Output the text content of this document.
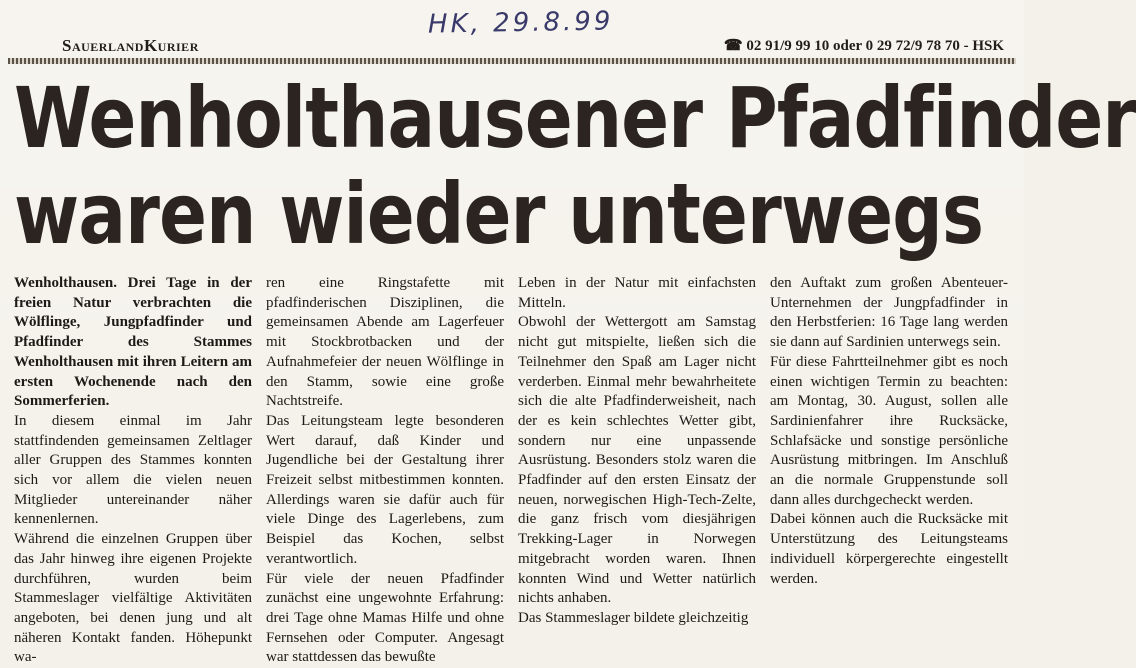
HK, 29.8.99
SauerlandKurier	☎ 02 91/9 99 10 oder 0 29 72/9 78 70 - HSK
Wenholthausener Pfadfinder
waren wieder unterwegs

Wenholthausen. Drei Tage in der freien Natur verbrachten die Wölflinge, Jungpfadfinder und Pfadfinder des Stammes Wenholthausen mit ihren Leitern am ersten Wochenende nach den Sommerferien.

In diesem einmal im Jahr stattfindenden gemeinsamen Zeltlager aller Gruppen des Stammes konnten sich vor allem die vielen neuen Mitglieder untereinander näher kennenlernen.

Während die einzelnen Gruppen über das Jahr hinweg ihre eigenen Projekte durchführen, wurden beim Stammeslager vielfältige Aktivitäten angeboten, bei denen jung und alt näheren Kontakt fanden. Höhepunkt wa-

ren eine Ringstafette mit pfadfinderischen Disziplinen, die gemeinsamen Abende am Lagerfeuer mit Stockbrotbacken und der Aufnahmefeier der neuen Wölflinge in den Stamm, sowie eine große Nachtstreife.

Das Leitungsteam legte besonderen Wert darauf, daß Kinder und Jugendliche bei der Gestaltung ihrer Freizeit selbst mitbestimmen konnten. Allerdings waren sie dafür auch für viele Dinge des Lagerlebens, zum Beispiel das Kochen, selbst verantwortlich.

Für viele der neuen Pfadfinder zunächst eine ungewohnte Erfahrung: drei Tage ohne Mamas Hilfe und ohne Fernsehen oder Computer. Angesagt war stattdessen das bewußte

Leben in der Natur mit einfachsten Mitteln.

Obwohl der Wettergott am Samstag nicht gut mitspielte, ließen sich die Teilnehmer den Spaß am Lager nicht verderben. Einmal mehr bewahrheitete sich die alte Pfadfinderweisheit, nach der es kein schlechtes Wetter gibt, sondern nur eine unpassende Ausrüstung. Besonders stolz waren die Pfadfinder auf den ersten Einsatz der neuen, norwegischen High-Tech-Zelte, die ganz frisch vom diesjährigen Trekking-Lager in Norwegen mitgebracht worden waren. Ihnen konnten Wind und Wetter natürlich nichts anhaben.

Das Stammeslager bildete gleichzeitig

den Auftakt zum großen Abenteuer-Unternehmen der Jungpfadfinder in den Herbstferien: 16 Tage lang werden sie dann auf Sardinien unterwegs sein.

Für diese Fahrtteilnehmer gibt es noch einen wichtigen Termin zu beachten: am Montag, 30. August, sollen alle Sardinienfahrer ihre Rucksäcke, Schlafsäcke und sonstige persönliche Ausrüstung mitbringen. Im Anschluß an die normale Gruppenstunde soll dann alles durchgecheckt werden.

Dabei können auch die Rucksäcke mit Unterstützung des Leitungsteams individuell körpergerechte eingestellt werden.
